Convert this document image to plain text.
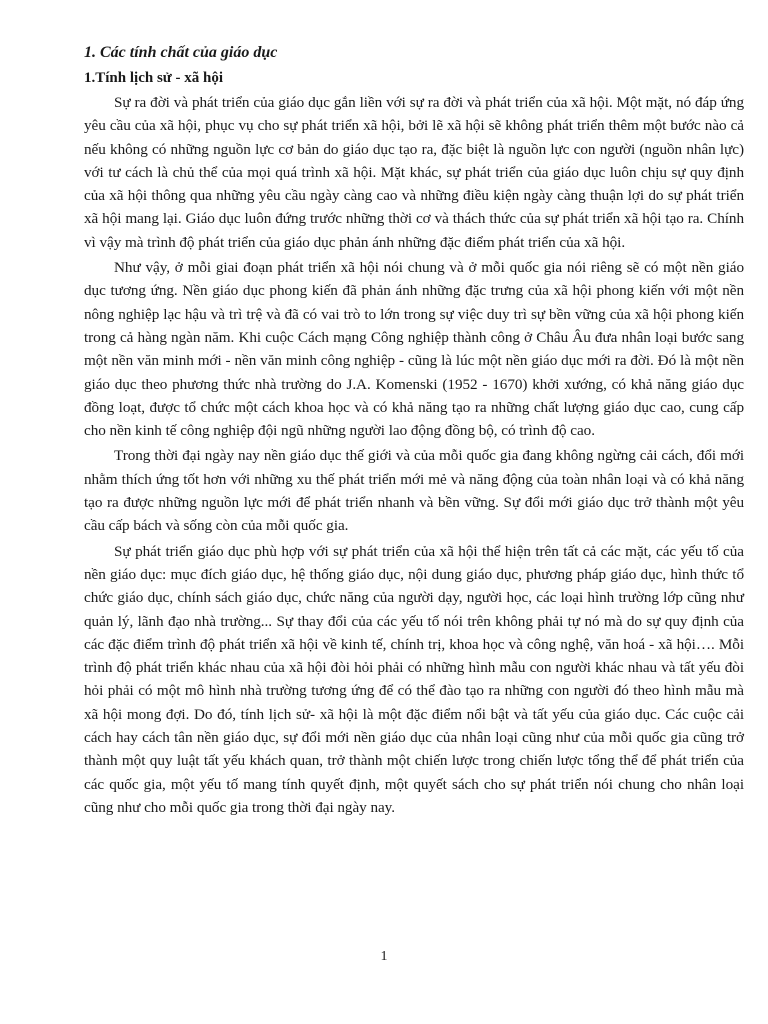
1. Các tính chất của giáo dục
1.Tính lịch sử - xã hội

Sự ra đời và phát triển của giáo dục gắn liền với sự ra đời và phát triển của xã hội. Một mặt, nó đáp ứng yêu cầu của xã hội, phục vụ cho sự phát triển xã hội, bởi lẽ xã hội sẽ không phát triển thêm một bước nào cả nếu không có những nguồn lực cơ bản do giáo dục tạo ra, đặc biệt là nguồn lực con người (nguồn nhân lực) với tư cách là chủ thể của mọi quá trình xã hội. Mặt khác, sự phát triển của giáo dục luôn chịu sự quy định của xã hội thông qua những yêu cầu ngày càng cao và những điều kiện ngày càng thuận lợi do sự phát triển xã hội mang lại. Giáo dục luôn đứng trước những thời cơ và thách thức của sự phát triển xã hội tạo ra. Chính vì vậy mà trình độ phát triển của giáo dục phản ánh những đặc điểm phát triển của xã hội.

Như vậy, ở mỗi giai đoạn phát triển xã hội nói chung và ở mỗi quốc gia nói riêng sẽ có một nền giáo dục tương ứng. Nền giáo dục phong kiến đã phản ánh những đặc trưng của xã hội phong kiến với một nền nông nghiệp lạc hậu và trì trệ và đã có vai trò to lớn trong sự việc duy trì sự bền vững của xã hội phong kiến trong cả hàng ngàn năm. Khi cuộc Cách mạng Công nghiệp thành công ở Châu Âu đưa nhân loại bước sang một nền văn minh mới - nền văn minh công nghiệp - cũng là lúc một nền giáo dục mới ra đời. Đó là một nền giáo dục theo phương thức nhà trường do J.A. Komenski (1952 - 1670) khởi xướng, có khả năng giáo dục đồng loạt, được tổ chức một cách khoa học và có khả năng tạo ra những chất lượng giáo dục cao, cung cấp cho nền kinh tế công nghiệp đội ngũ những người lao động đồng bộ, có trình độ cao.

Trong thời đại ngày nay nền giáo dục thế giới và của mỗi quốc gia đang không ngừng cải cách, đổi mới nhằm thích ứng tốt hơn với những xu thế phát triển mới mẻ và năng động của toàn nhân loại và có khả năng tạo ra được những nguồn lực mới để phát triển nhanh và bền vững. Sự đổi mới giáo dục trở thành một yêu cầu cấp bách và sống còn của mỗi quốc gia.

Sự phát triển giáo dục phù hợp với sự phát triển của xã hội thể hiện trên tất cả các mặt, các yếu tố của nền giáo dục: mục đích giáo dục, hệ thống giáo dục, nội dung giáo dục, phương pháp giáo dục, hình thức tổ chức giáo dục, chính sách giáo dục, chức năng của người dạy, người học, các loại hình trường lớp cũng như quản lý, lãnh đạo nhà trường... Sự thay đổi của các yếu tố nói trên không phải tự nó mà do sự quy định của các đặc điểm trình độ phát triển xã hội về kinh tế, chính trị, khoa học và công nghệ, văn hoá - xã hội…. Mỗi trình độ phát triển khác nhau của xã hội đòi hỏi phải có những hình mẫu con người khác nhau và tất yếu đòi hỏi phải có một mô hình nhà trường tương ứng để có thể đào tạo ra những con người đó theo hình mẫu mà xã hội mong đợi. Do đó, tính lịch sử- xã hội là một đặc điểm nổi bật và tất yếu của giáo dục. Các cuộc cải cách hay cách tân nền giáo dục, sự đổi mới nền giáo dục của nhân loại cũng như của mỗi quốc gia cũng trở thành một quy luật tất yếu khách quan, trở thành một chiến lược trong chiến lược tổng thể để phát triển của các quốc gia, một yếu tố mang tính quyết định, một quyết sách cho sự phát triển nói chung cho nhân loại cũng như cho mỗi quốc gia trong thời đại ngày nay.

1
